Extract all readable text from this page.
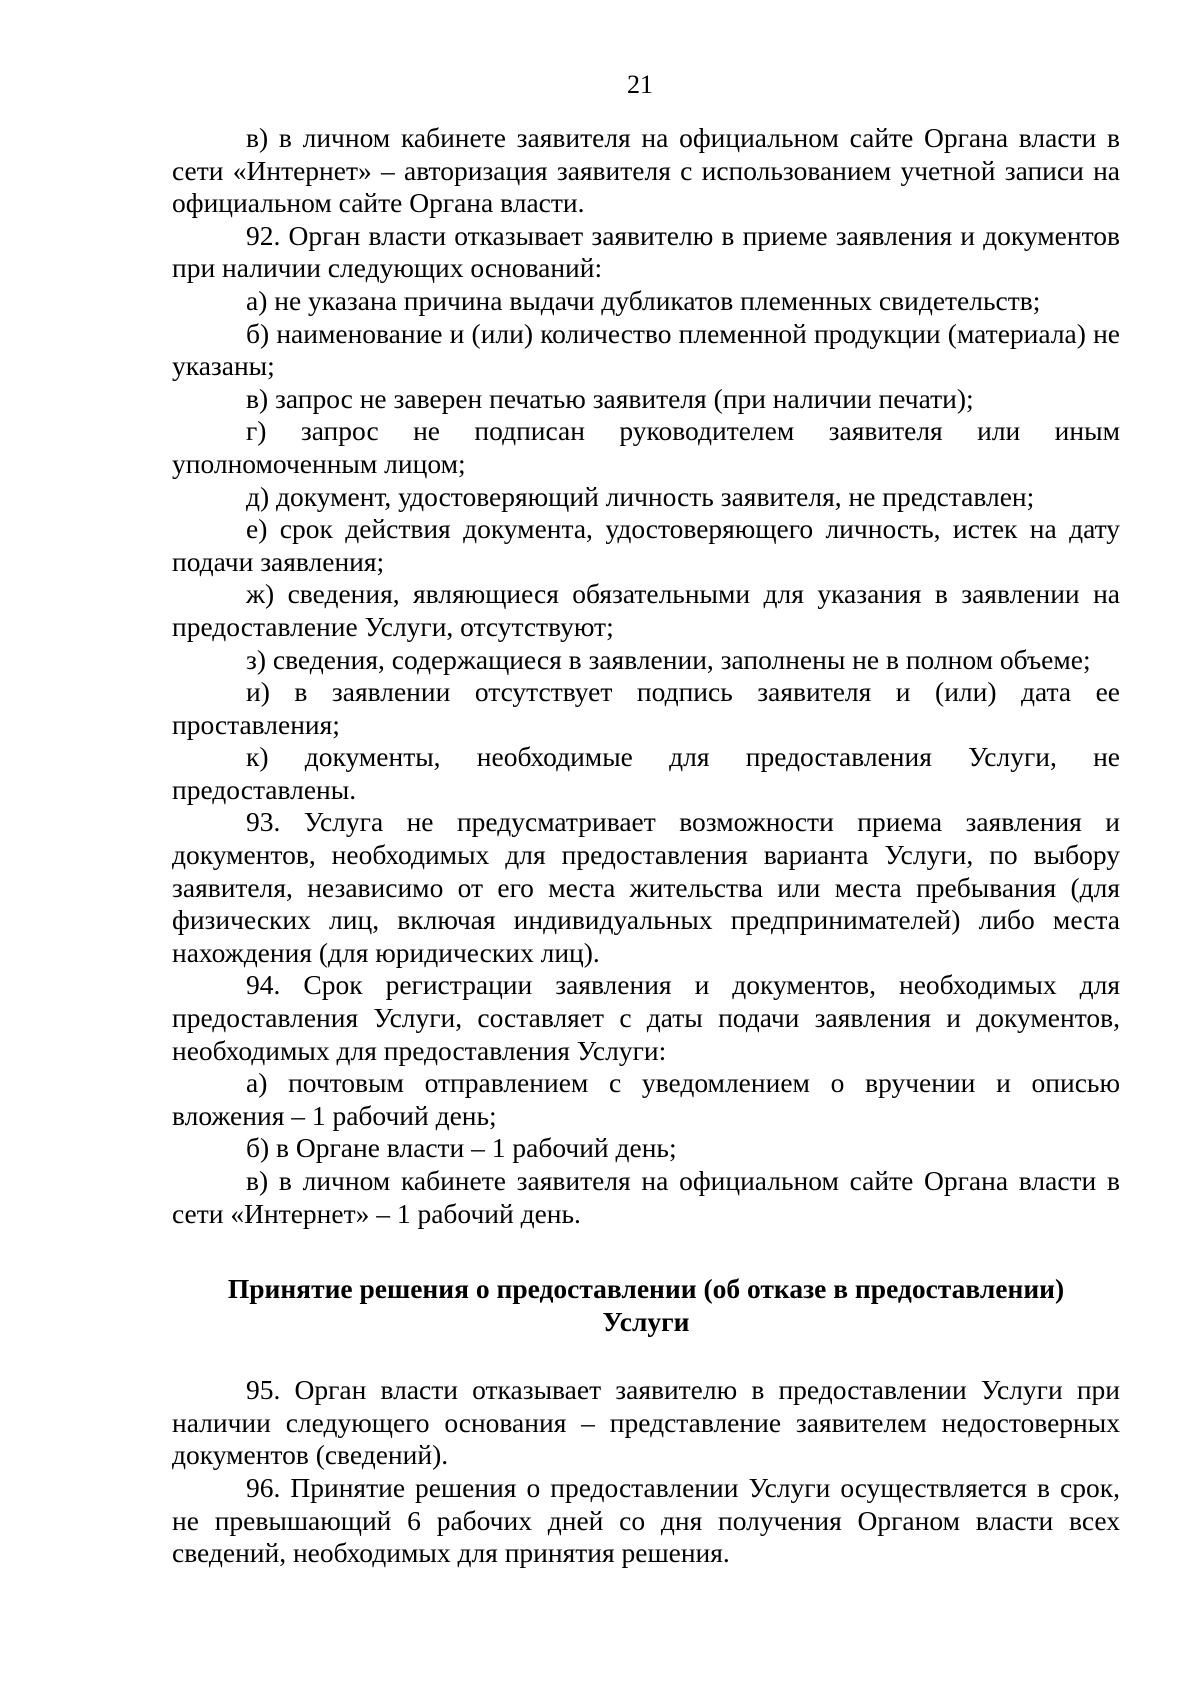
21

в) в личном кабинете заявителя на официальном сайте Органа власти в сети «Интернет» – авторизация заявителя с использованием учетной записи на официальном сайте Органа власти.

92. Орган власти отказывает заявителю в приеме заявления и документов при наличии следующих оснований:

а) не указана причина выдачи дубликатов племенных свидетельств;

б) наименование и (или) количество племенной продукции (материала) не указаны;

в) запрос не заверен печатью заявителя (при наличии печати);

г) запрос не подписан руководителем заявителя или иным уполномоченным лицом;

д) документ, удостоверяющий личность заявителя, не представлен;

е) срок действия документа, удостоверяющего личность, истек на дату подачи заявления;

ж) сведения, являющиеся обязательными для указания в заявлении на предоставление Услуги, отсутствуют;

з) сведения, содержащиеся в заявлении, заполнены не в полном объеме;

и) в заявлении отсутствует подпись заявителя и (или) дата ее проставления;

к) документы, необходимые для предоставления Услуги, не предоставлены.

93. Услуга не предусматривает возможности приема заявления и документов, необходимых для предоставления варианта Услуги, по выбору заявителя, независимо от его места жительства или места пребывания (для физических лиц, включая индивидуальных предпринимателей) либо места нахождения (для юридических лиц).

94. Срок регистрации заявления и документов, необходимых для предоставления Услуги, составляет с даты подачи заявления и документов, необходимых для предоставления Услуги:

а) почтовым отправлением с уведомлением о вручении и описью вложения – 1 рабочий день;

б) в Органе власти – 1 рабочий день;

в) в личном кабинете заявителя на официальном сайте Органа власти в сети «Интернет» – 1 рабочий день.

Принятие решения о предоставлении (об отказе в предоставлении)
Услуги

95. Орган власти отказывает заявителю в предоставлении Услуги при наличии следующего основания – представление заявителем недостоверных документов (сведений).

96. Принятие решения о предоставлении Услуги осуществляется в срок, не превышающий 6 рабочих дней со дня получения Органом власти всех сведений, необходимых для принятия решения.
